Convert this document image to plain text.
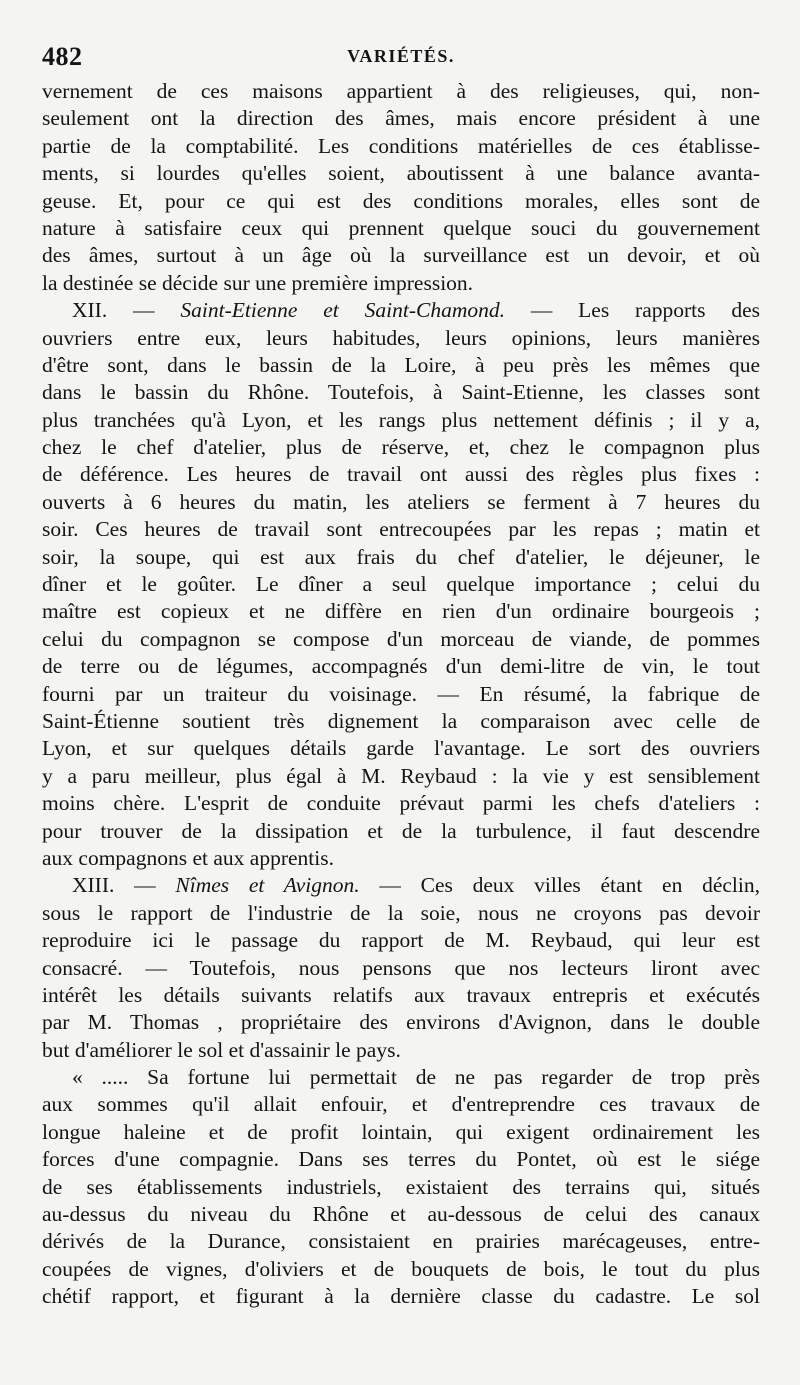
482	VARIÉTÉS.
vernement de ces maisons appartient à des religieuses, qui, non-
seulement ont la direction des âmes, mais encore président à une
partie de la comptabilité. Les conditions matérielles de ces établisse-
ments, si lourdes qu'elles soient, aboutissent à une balance avanta-
geuse. Et, pour ce qui est des conditions morales, elles sont de
nature à satisfaire ceux qui prennent quelque souci du gouvernement
des âmes, surtout à un âge où la surveillance est un devoir, et où
la destinée se décide sur une première impression.
XII. — Saint-Etienne et Saint-Chamond. — Les rapports des
ouvriers entre eux, leurs habitudes, leurs opinions, leurs manières
d'être sont, dans le bassin de la Loire, à peu près les mêmes que
dans le bassin du Rhône. Toutefois, à Saint-Etienne, les classes sont
plus tranchées qu'à Lyon, et les rangs plus nettement définis ; il y a,
chez le chef d'atelier, plus de réserve, et, chez le compagnon plus
de déférence. Les heures de travail ont aussi des règles plus fixes :
ouverts à 6 heures du matin, les ateliers se ferment à 7 heures du
soir. Ces heures de travail sont entrecoupées par les repas ; matin et
soir, la soupe, qui est aux frais du chef d'atelier, le déjeuner, le
dîner et le goûter. Le dîner a seul quelque importance ; celui du
maître est copieux et ne diffère en rien d'un ordinaire bourgeois ;
celui du compagnon se compose d'un morceau de viande, de pommes
de terre ou de légumes, accompagnés d'un demi-litre de vin, le tout
fourni par un traiteur du voisinage. — En résumé, la fabrique de
Saint-Étienne soutient très dignement la comparaison avec celle de
Lyon, et sur quelques détails garde l'avantage. Le sort des ouvriers
y a paru meilleur, plus égal à M. Reybaud : la vie y est sensiblement
moins chère. L'esprit de conduite prévaut parmi les chefs d'ateliers :
pour trouver de la dissipation et de la turbulence, il faut descendre
aux compagnons et aux apprentis.
XIII. — Nîmes et Avignon. — Ces deux villes étant en déclin,
sous le rapport de l'industrie de la soie, nous ne croyons pas devoir
reproduire ici le passage du rapport de M. Reybaud, qui leur est
consacré. — Toutefois, nous pensons que nos lecteurs liront avec
intérêt les détails suivants relatifs aux travaux entrepris et exécutés
par M. Thomas , propriétaire des environs d'Avignon, dans le double
but d'améliorer le sol et d'assainir le pays.
« ..... Sa fortune lui permettait de ne pas regarder de trop près
aux sommes qu'il allait enfouir, et d'entreprendre ces travaux de
longue haleine et de profit lointain, qui exigent ordinairement les
forces d'une compagnie. Dans ses terres du Pontet, où est le siége
de ses établissements industriels, existaient des terrains qui, situés
au-dessus du niveau du Rhône et au-dessous de celui des canaux
dérivés de la Durance, consistaient en prairies marécageuses, entre-
coupées de vignes, d'oliviers et de bouquets de bois, le tout du plus
chétif rapport, et figurant à la dernière classe du cadastre. Le sol
